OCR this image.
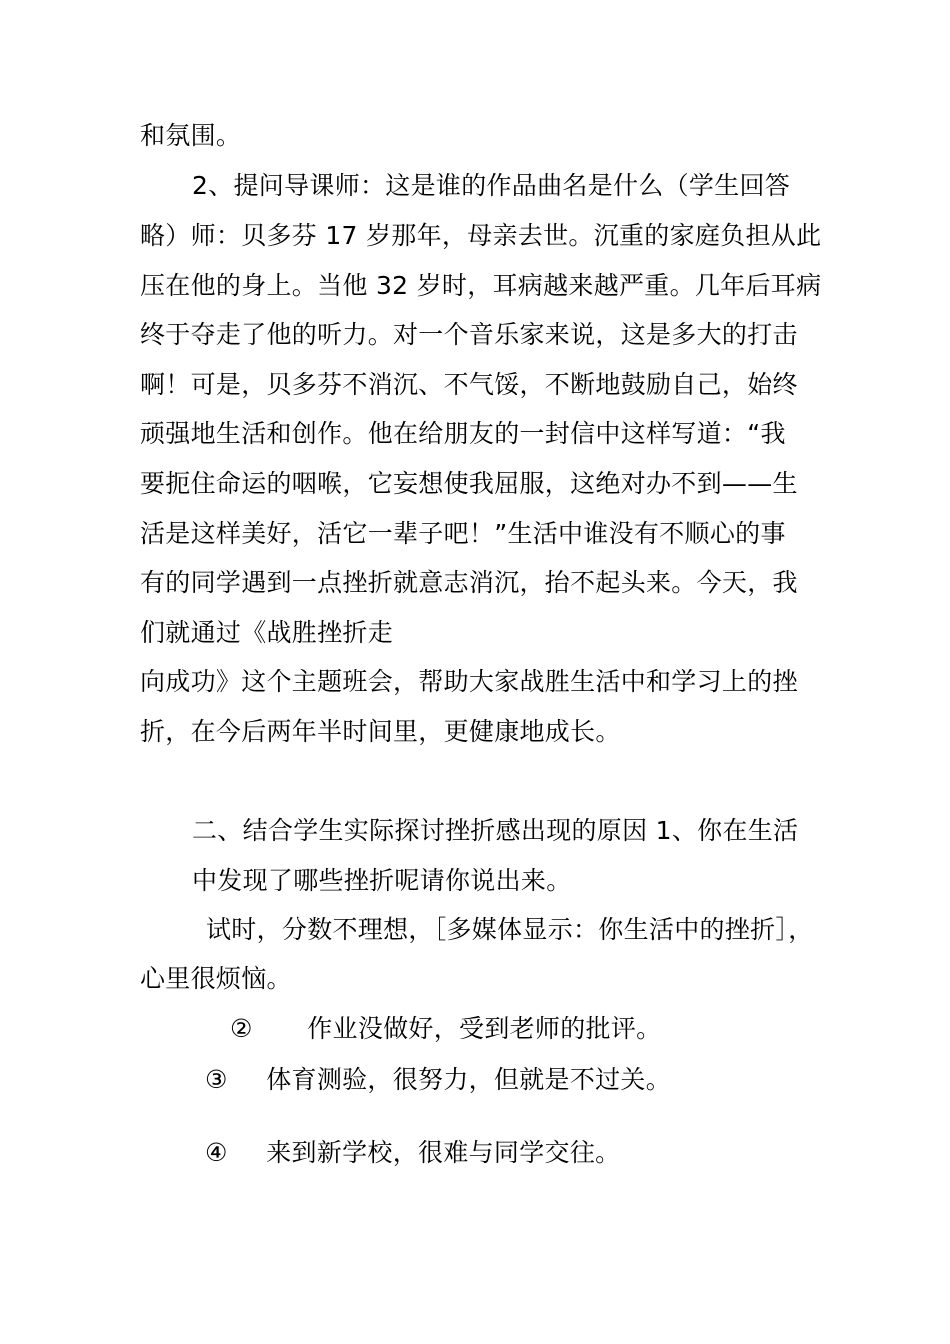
和氛围。
2、提问导课师：这是谁的作品曲名是什么（学生回答
略）师：贝多芬 17 岁那年，母亲去世。沉重的家庭负担从此
压在他的身上。当他 32 岁时，耳病越来越严重。几年后耳病
终于夺走了他的听力。对一个音乐家来说，这是多大的打击
啊！可是，贝多芬不消沉、不气馁，不断地鼓励自己，始终
顽强地生活和创作。他在给朋友的一封信中这样写道：“我
要扼住命运的咽喉，它妄想使我屈服，这绝对办不到——生
活是这样美好，活它一辈子吧！”生活中谁没有不顺心的事
有的同学遇到一点挫折就意志消沉，抬不起头来。今天，我
们就通过《战胜挫折走
向成功》这个主题班会，帮助大家战胜生活中和学习上的挫
折，在今后两年半时间里，更健康地成长。
二、结合学生实际探讨挫折感出现的原因 1、你在生活
中发现了哪些挫折呢请你说出来。
试时，分数不理想，［多媒体显示：你生活中的挫折］，
心里很烦恼。
② 作业没做好，受到老师的批评。
③ 体育测验，很努力，但就是不过关。
④ 来到新学校，很难与同学交往。
